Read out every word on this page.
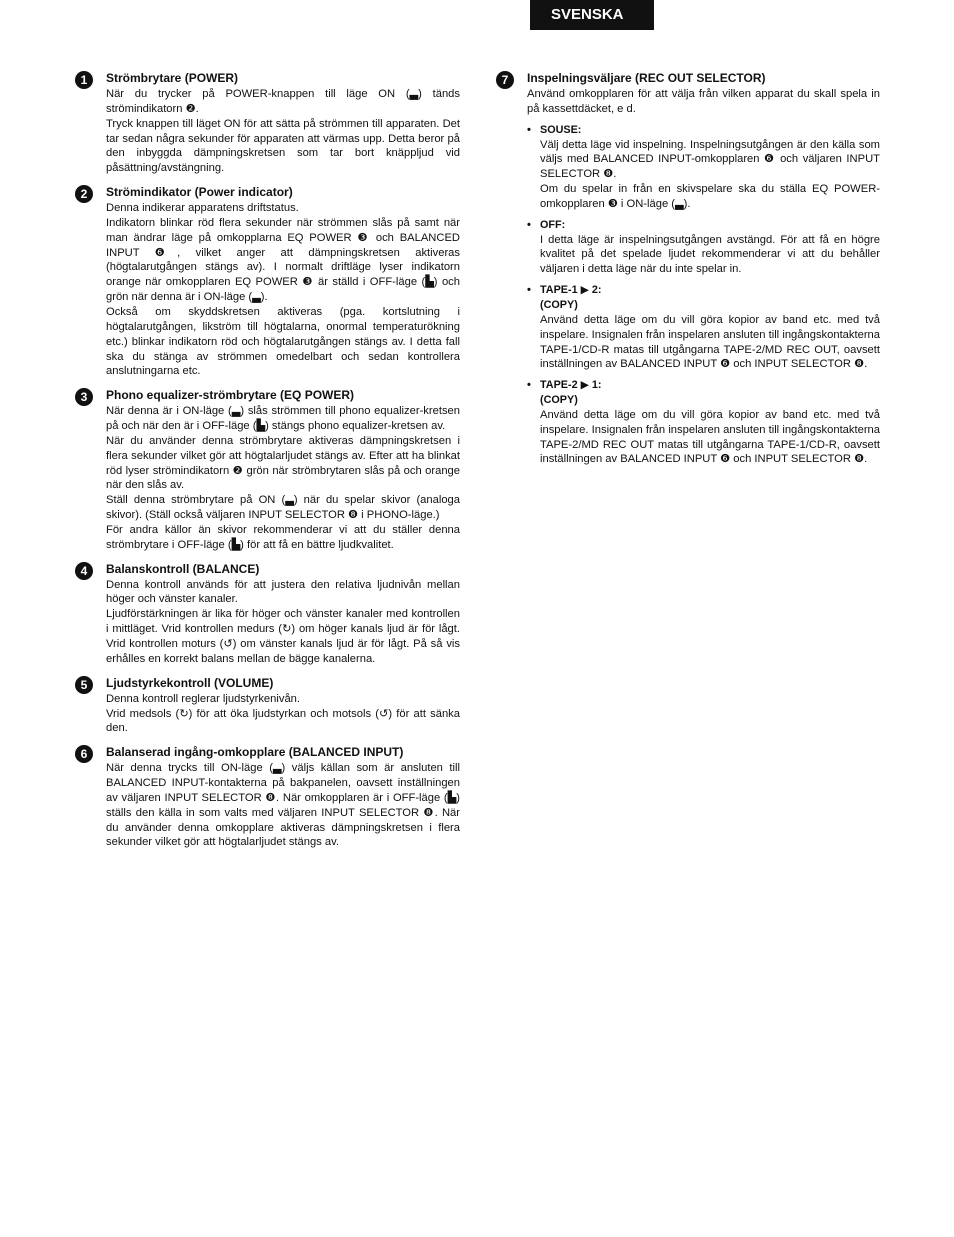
SVENSKA
1	Strömbrytare (POWER)
När du trycker på POWER-knappen till läge ON (▃) tänds strömindikatorn ❷.
Tryck knappen till läget ON för att sätta på strömmen till apparaten. Det tar sedan några sekunder för apparaten att värmas upp. Detta beror på den inbyggda dämpningskretsen som tar bort knäppljud vid påsättning/avstängning.
2	Strömindikator (Power indicator)
Denna indikerar apparatens driftstatus.
Indikatorn blinkar röd flera sekunder när strömmen slås på samt när man ändrar läge på omkopplarna EQ POWER ❸ och BALANCED INPUT ❻, vilket anger att dämpningskretsen aktiveras (högtalarutgången stängs av). I normalt driftläge lyser indikatorn orange när omkopplaren EQ POWER ❸ är ställd i OFF-läge (▙) och grön när denna är i ON-läge (▃).
Också om skyddskretsen aktiveras (pga. kortslutning i högtalarutgången, likström till högtalarna, onormal temperaturökning etc.) blinkar indikatorn röd och högtalarutgången stängs av. I detta fall ska du stänga av strömmen omedelbart och sedan kontrollera anslutningarna etc.
3	Phono equalizer-strömbrytare (EQ POWER)
När denna är i ON-läge (▃) slås strömmen till phono equalizer-kretsen på och när den är i OFF-läge (▙) stängs phono equalizer-kretsen av.
När du använder denna strömbrytare aktiveras dämpningskretsen i flera sekunder vilket gör att högtalarljudet stängs av. Efter att ha blinkat röd lyser strömindikatorn ❷ grön när strömbrytaren slås på och orange när den slås av.
Ställ denna strömbrytare på ON (▃) när du spelar skivor (analoga skivor). (Ställ också väljaren INPUT SELECTOR ❽ i PHONO-läge.)
För andra källor än skivor rekommenderar vi att du ställer denna strömbrytare i OFF-läge (▙) för att få en bättre ljudkvalitet.
4	Balanskontroll (BALANCE)
Denna kontroll används för att justera den relativa ljudnivån mellan höger och vänster kanaler.
Ljudförstärkningen är lika för höger och vänster kanaler med kontrollen i mittläget. Vrid kontrollen medurs (↻) om höger kanals ljud är för lågt. Vrid kontrollen moturs (↺) om vänster kanals ljud är för lågt. På så vis erhålles en korrekt balans mellan de bägge kanalerna.
5	Ljudstyrkekontroll (VOLUME)
Denna kontroll reglerar ljudstyrkenivån.
Vrid medsols (↻) för att öka ljudstyrkan och motsols (↺) för att sänka den.
6	Balanserad ingång-omkopplare (BALANCED INPUT)
När denna trycks till ON-läge (▃) väljs källan som är ansluten till BALANCED INPUT-kontakterna på bakpanelen, oavsett inställningen av väljaren INPUT SELECTOR ❽. När omkopplaren är i OFF-läge (▙) ställs den källa in som valts med väljaren INPUT SELECTOR ❽. När du använder denna omkopplare aktiveras dämpningskretsen i flera sekunder vilket gör att högtalarljudet stängs av.
7	Inspelningsväljare (REC OUT SELECTOR)
Använd omkopplaren för att välja från vilken apparat du skall spela in på kassettdäcket, e d.
• SOUSE:
Välj detta läge vid inspelning. Inspelningsutgången är den källa som väljs med BALANCED INPUT-omkopplaren ❻ och väljaren INPUT SELECTOR ❽.
Om du spelar in från en skivspelare ska du ställa EQ POWER-omkopplaren ❸ i ON-läge (▃).
• OFF:
I detta läge är inspelningsutgången avstängd. För att få en högre kvalitet på det spelade ljudet rekommenderar vi att du behåller väljaren i detta läge när du inte spelar in.
• TAPE-1 ▶ 2:
(COPY)
Använd detta läge om du vill göra kopior av band etc. med två inspelare. Insignalen från inspelaren ansluten till ingångskontakterna TAPE-1/CD-R matas till utgångarna TAPE-2/MD REC OUT, oavsett inställningen av BALANCED INPUT ❻ och INPUT SELECTOR ❽.
• TAPE-2 ▶ 1:
(COPY)
Använd detta läge om du vill göra kopior av band etc. med två inspelare. Insignalen från inspelaren ansluten till ingångskontakterna TAPE-2/MD REC OUT matas till utgångarna TAPE-1/CD-R, oavsett inställningen av BALANCED INPUT ❻ och INPUT SELECTOR ❽.
